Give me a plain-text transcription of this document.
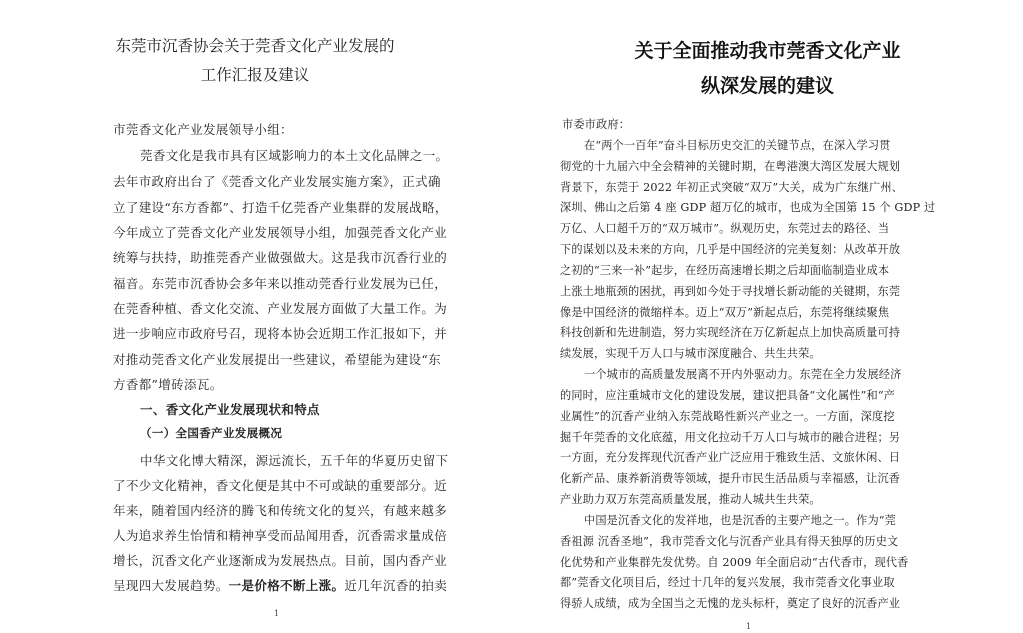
东莞市沉香协会关于莞香文化产业发展的
工作汇报及建议
市莞香文化产业发展领导小组：
莞香文化是我市具有区域影响力的本土文化品牌之一。
去年市政府出台了《莞香文化产业发展实施方案》，正式确
立了建设“东方香都”、打造千亿莞香产业集群的发展战略，
今年成立了莞香文化产业发展领导小组，加强莞香文化产业
统筹与扶持，助推莞香产业做强做大。这是我市沉香行业的
福音。东莞市沉香协会多年来以推动莞香行业发展为已任，
在莞香种植、香文化交流、产业发展方面做了大量工作。为
进一步响应市政府号召，现将本协会近期工作汇报如下，并
对推动莞香文化产业发展提出一些建议，希望能为建设“东
方香都”增砖添瓦。
一、香文化产业发展现状和特点
（一）全国香产业发展概况
中华文化博大精深，源远流长，五千年的华夏历史留下
了不少文化精神，香文化便是其中不可或缺的重要部分。近
年来，随着国内经济的腾飞和传统文化的复兴，有越来越多
人为追求养生怡情和精神享受而品闻用香，沉香需求量成倍
增长，沉香文化产业逐渐成为发展热点。目前，国内香产业
呈现四大发展趋势。一是价格不断上涨。近几年沉香的拍卖
1
关于全面推动我市莞香文化产业
纵深发展的建议
市委市政府：
在“两个一百年”奋斗目标历史交汇的关键节点，在深入学习贯
彻党的十九届六中全会精神的关键时期，在粤港澳大湾区发展大规划
背景下，东莞于 2022 年初正式突破“双万”大关，成为广东继广州、
深圳、佛山之后第 4 座 GDP 超万亿的城市，也成为全国第 15 个 GDP 过
万亿、人口超千万的“双万城市”。纵观历史，东莞过去的路径、当
下的谋划以及未来的方向，几乎是中国经济的完美复刻：从改革开放
之初的“三来一补”起步，在经历高速增长期之后却面临制造业成本
上涨土地瓶颈的困扰，再到如今处于寻找增长新动能的关键期，东莞
像是中国经济的微缩样本。迈上“双万”新起点后，东莞将继续聚焦
科技创新和先进制造，努力实现经济在万亿新起点上加快高质量可持
续发展，实现千万人口与城市深度融合、共生共荣。
一个城市的高质量发展离不开内外驱动力。东莞在全力发展经济
的同时，应注重城市文化的建设发展，建议把具备“文化属性”和“产
业属性”的沉香产业纳入东莞战略性新兴产业之一。一方面，深度挖
掘千年莞香的文化底蕴，用文化拉动千万人口与城市的融合进程；另
一方面，充分发挥现代沉香产业广泛应用于雅致生活、文旅休闲、日
化新产品、康养新消费等领域，提升市民生活品质与幸福感，让沉香
产业助力双万东莞高质量发展，推动人城共生共荣。
中国是沉香文化的发祥地，也是沉香的主要产地之一。作为“莞
香祖源 沉香圣地”，我市莞香文化与沉香产业具有得天独厚的历史文
化优势和产业集群先发优势。自 2009 年全面启动“古代香市，现代香
都”莞香文化项目后，经过十几年的复兴发展，我市莞香文化事业取
得骄人成绩，成为全国当之无愧的龙头标杆，奠定了良好的沉香产业
1
